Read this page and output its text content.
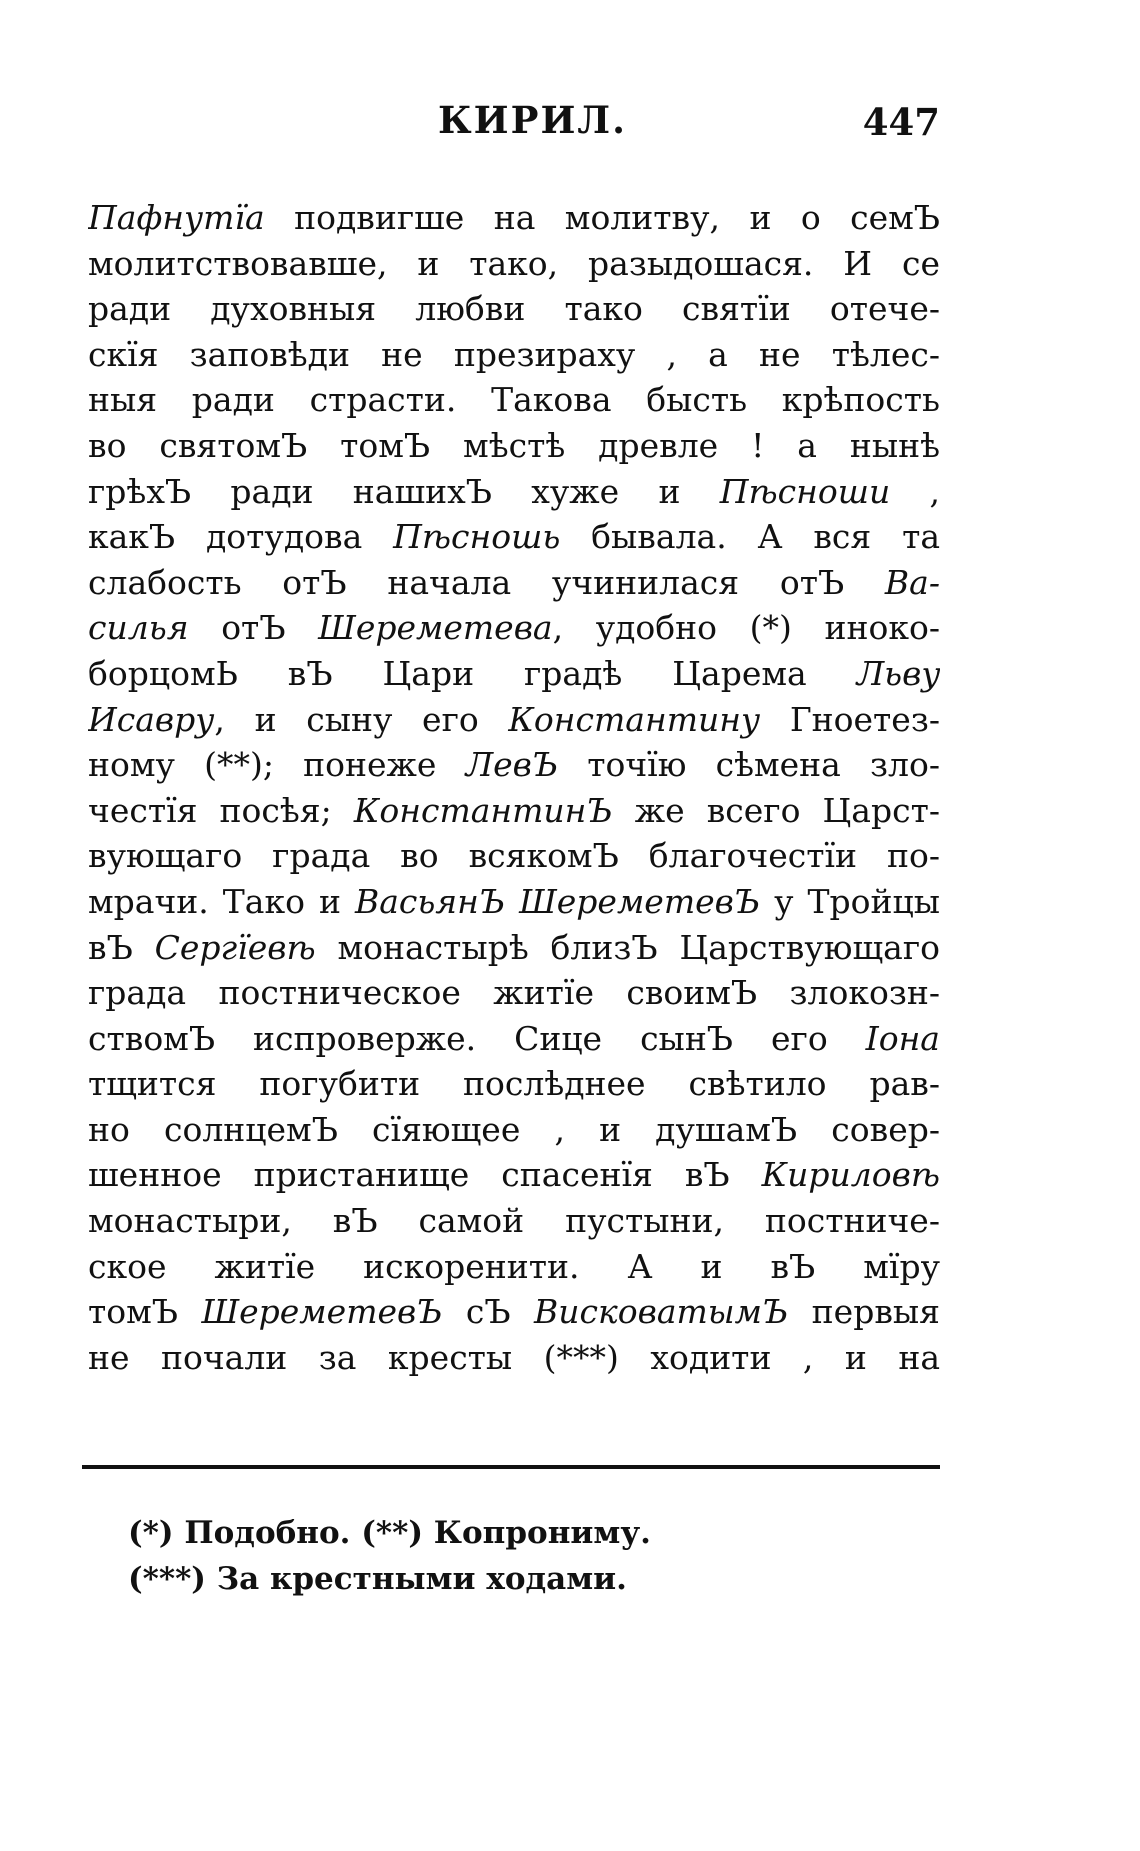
КИРИЛ.	447
Пафнутїа подвигше на молитву, и о семЪ
молитствовавше, и тако, разыдошася. И се
ради духовныя любви тако святїи отече-
скїя заповѣди не презираху , а не тѣлес-
ныя ради страсти. Такова бысть крѣпость
во святомЪ томЪ мѣстѣ древле ! а нынѣ
грѣхЪ ради нашихЪ хуже и Пѣсноши ,
какЪ дотудова Пѣсношь бывала. А вся та
слабость отЪ начала учинилася отЪ Ва-
силья отЪ Шереметева, удобно (*) иноко-
борцомЬ вЪ Цари градѣ Царема Львy
Исавру, и сыну его Константину Гноетез-
ному (**); понеже ЛевЪ точїю сѣмена зло-
честїя посѣя; КонстантинЪ же всего Царст-
вующаго града во всякомЪ благочестїи по-
мрачи. Тако и ВасьянЪ ШереметевЪ у Тройцы
вЪ Сергїевѣ монастырѣ близЪ Царствующаго
града постническое житїе своимЪ злокозн-
ствомЪ испроверже. Сице сынЪ его Іона
тщится погубити послѣднее свѣтило рав-
но солнцемЪ сїяющее , и душамЪ совер-
шенное пристанище спасенїя вЪ Кириловѣ
монастыри, вЪ самой пустыни, постниче-
ское житїе искоренити. А и вЪ мїру
томЪ ШереметевЪ сЪ ВисковатымЪ первыя
не почали за кресты (***) ходити , и на
(*) Подобно. (**) Копрониму.
(***) За крестными ходами.
